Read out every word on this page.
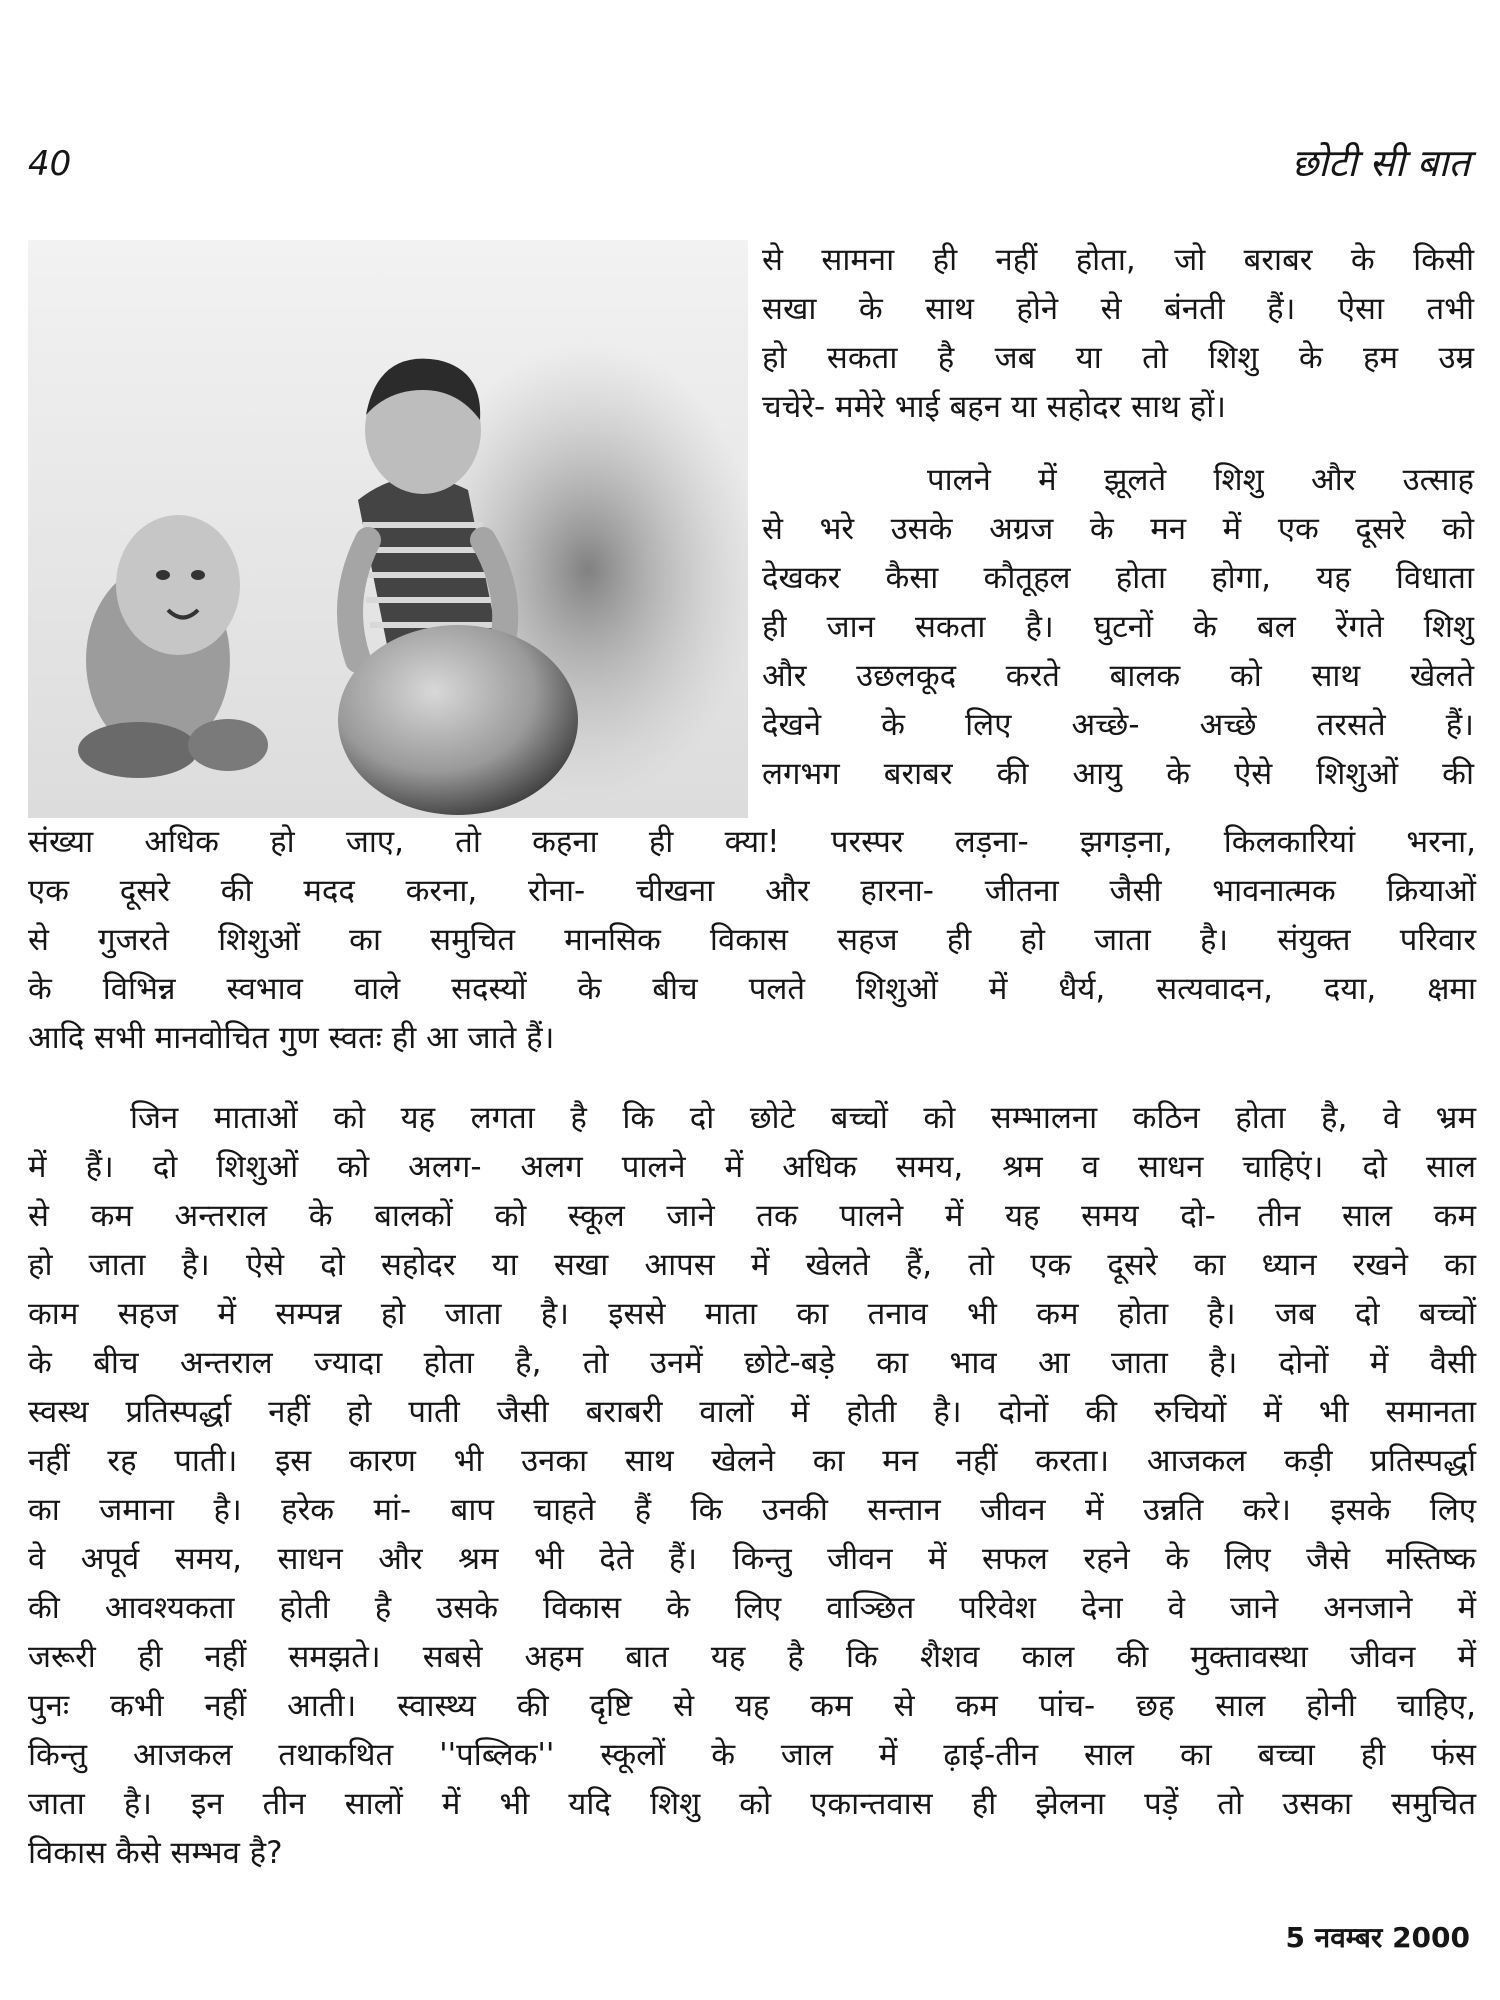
40	छोटी सी बात

से सामना ही नहीं होता, जो बराबर के किसी
सखा के साथ होने से बंनती हैं। ऐसा तभी
हो सकता है जब या तो शिशु के हम उम्र
चचेरे- ममेरे भाई बहन या सहोदर साथ हों।

पालने में झूलते शिशु और उत्साह
से भरे उसके अग्रज के मन में एक दूसरे को
देखकर कैसा कौतूहल होता होगा, यह विधाता
ही जान सकता है। घुटनों के बल रेंगते शिशु
और उछलकूद करते बालक को साथ खेलते
देखने के लिए अच्छे- अच्छे तरसते हैं।
लगभग बराबर की आयु के ऐसे शिशुओं की

संख्या अधिक हो जाए, तो कहना ही क्या! परस्पर लड़ना- झगड़ना, किलकारियां भरना,
एक दूसरे की मदद करना, रोना- चीखना और हारना- जीतना जैसी भावनात्मक क्रियाओं
से गुजरते शिशुओं का समुचित मानसिक विकास सहज ही हो जाता है। संयुक्त परिवार
के विभिन्न स्वभाव वाले सदस्यों के बीच पलते शिशुओं में धैर्य, सत्यवादन, दया, क्षमा
आदि सभी मानवोचित गुण स्वतः ही आ जाते हैं।

जिन माताओं को यह लगता है कि दो छोटे बच्चों को सम्भालना कठिन होता है, वे भ्रम
में हैं। दो शिशुओं को अलग- अलग पालने में अधिक समय, श्रम व साधन चाहिएं। दो साल
से कम अन्तराल के बालकों को स्कूल जाने तक पालने में यह समय दो- तीन साल कम
हो जाता है। ऐसे दो सहोदर या सखा आपस में खेलते हैं, तो एक दूसरे का ध्यान रखने का
काम सहज में सम्पन्न हो जाता है। इससे माता का तनाव भी कम होता है। जब दो बच्चों
के बीच अन्तराल ज्यादा होता है, तो उनमें छोटे-बड़े का भाव आ जाता है। दोनों में वैसी
स्वस्थ प्रतिस्पर्द्धा नहीं हो पाती जैसी बराबरी वालों में होती है। दोनों की रुचियों में भी समानता
नहीं रह पाती। इस कारण भी उनका साथ खेलने का मन नहीं करता। आजकल कड़ी प्रतिस्पर्द्धा
का जमाना है। हरेक मां- बाप चाहते हैं कि उनकी सन्तान जीवन में उन्नति करे। इसके लिए
वे अपूर्व समय, साधन और श्रम भी देते हैं। किन्तु जीवन में सफल रहने के लिए जैसे मस्तिष्क
की आवश्यकता होती है उसके विकास के लिए वाञ्छित परिवेश देना वे जाने अनजाने में
जरूरी ही नहीं समझते। सबसे अहम बात यह है कि शैशव काल की मुक्तावस्था जीवन में
पुनः कभी नहीं आती। स्वास्थ्य की दृष्टि से यह कम से कम पांच- छह साल होनी चाहिए,
किन्तु आजकल तथाकथित ''पब्लिक'' स्कूलों के जाल में ढ़ाई-तीन साल का बच्चा ही फंस
जाता है। इन तीन सालों में भी यदि शिशु को एकान्तवास ही झेलना पड़ें तो उसका समुचित
विकास कैसे सम्भव है?

5 नवम्बर 2000
